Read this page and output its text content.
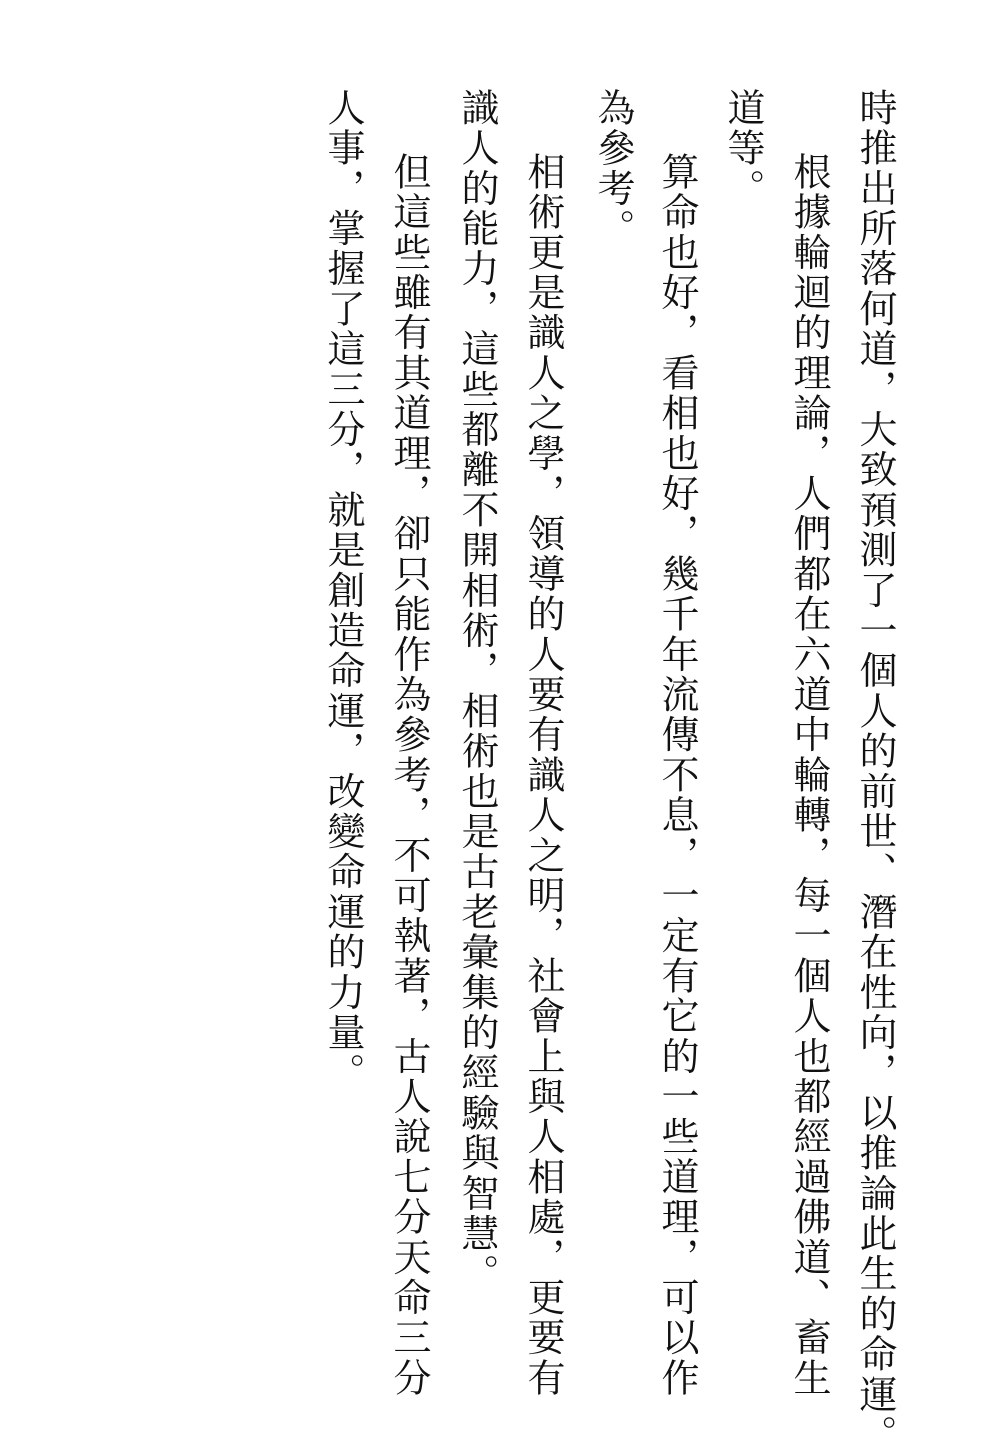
時推出所落何道，大致預測了一個人的前世、潛在性向，以推論此生的命運。
道等。
根據輪迴的理論，人們都在六道中輪轉，每一個人也都經過佛道、畜生
為參考。 算命也好，看相也好，幾千年流傳不息，一定有它的一些道理，可以作
識人的能力，這些都離不開相術，相術也是古老彙集的經驗與智慧。 相術更是識人之學，領導的人要有識人之明，社會上與人相處，更要有
人事，掌握了這三分，就是創造命運，改變命運的力量。 但這些雖有其道理，卻只能作為參考，不可執著，古人說七分天命三分
